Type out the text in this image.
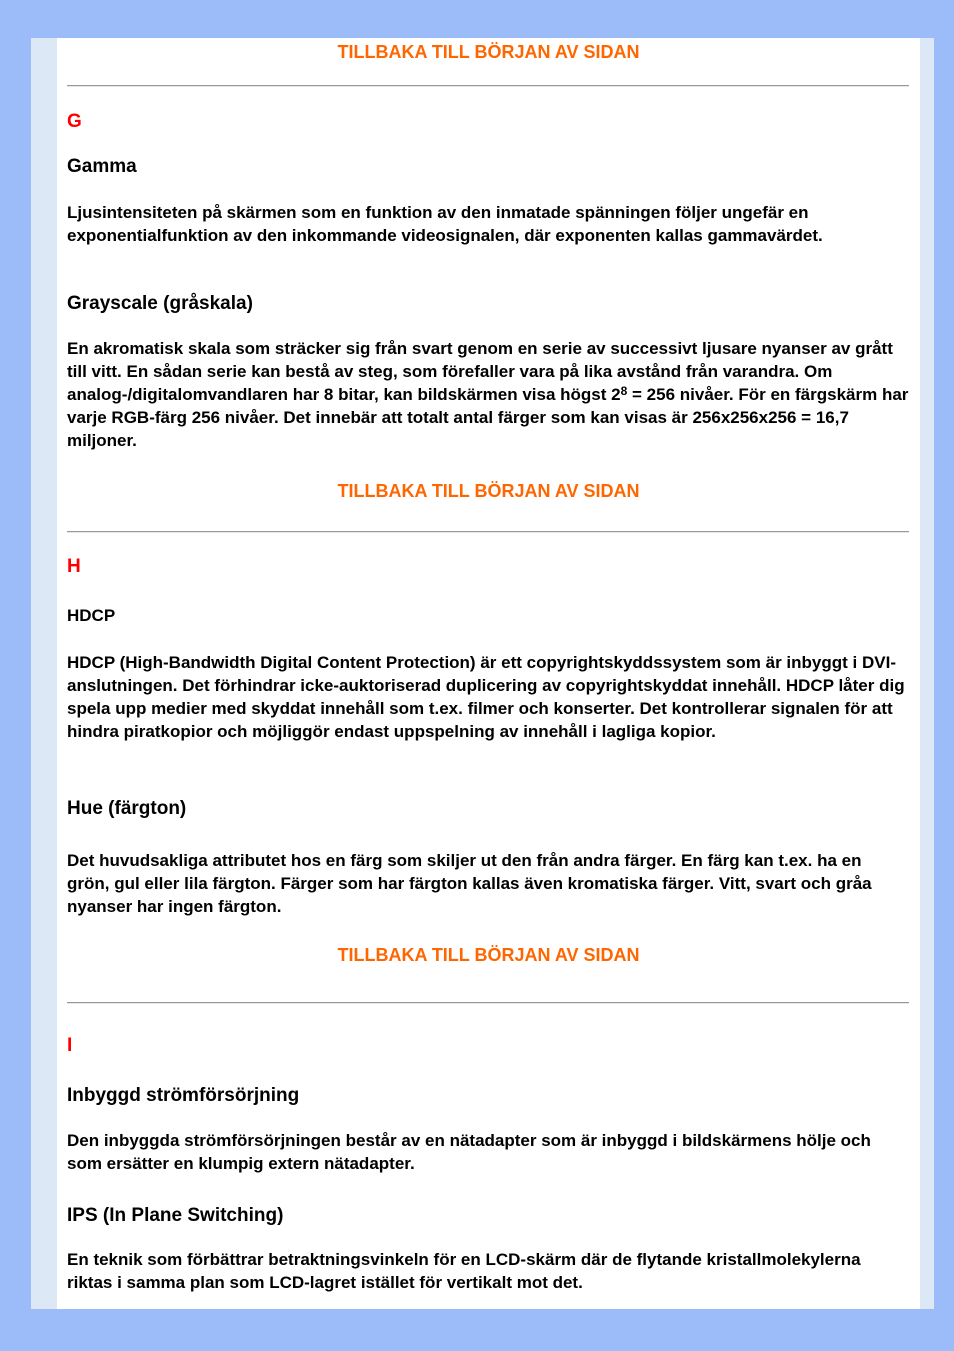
TILLBAKA TILL BÖRJAN AV SIDAN
G
Gamma
Ljusintensiteten på skärmen som en funktion av den inmatade spänningen följer ungefär en exponentialfunktion av den inkommande videosignalen, där exponenten kallas gammavärdet.
Grayscale (gråskala)
En akromatisk skala som sträcker sig från svart genom en serie av successivt ljusare nyanser av grått till vitt. En sådan serie kan bestå av steg, som förefaller vara på lika avstånd från varandra. Om analog-/digitalomvandlaren har 8 bitar, kan bildskärmen visa högst $2^8 = 256$ nivåer. För en färgskärm har varje RGB-färg 256 nivåer. Det innebär att totalt antal färger som kan visas är 256x256x256 = 16,7 miljoner.
TILLBAKA TILL BÖRJAN AV SIDAN
H
HDCP
HDCP (High-Bandwidth Digital Content Protection) är ett copyrightskyddssystem som är inbyggt i DVI-anslutningen. Det förhindrar icke-auktoriserad duplicering av copyrightskyddat innehåll. HDCP låter dig spela upp medier med skyddat innehåll som t.ex. filmer och konserter. Det kontrollerar signalen för att hindra piratkopior och möjliggör endast uppspelning av innehåll i lagliga kopior.
Hue (färgton)
Det huvudsakliga attributet hos en färg som skiljer ut den från andra färger. En färg kan t.ex. ha en grön, gul eller lila färgton. Färger som har färgton kallas även kromatiska färger. Vitt, svart och gråa nyanser har ingen färgton.
TILLBAKA TILL BÖRJAN AV SIDAN
I
Inbyggd strömförsörjning
Den inbyggda strömförsörjningen består av en nätadapter som är inbyggd i bildskärmens hölje och som ersätter en klumpig extern nätadapter.
IPS (In Plane Switching)
En teknik som förbättrar betraktningsvinkeln för en LCD-skärm där de flytande kristallmolekylerna riktas i samma plan som LCD-lagret istället för vertikalt mot det.
